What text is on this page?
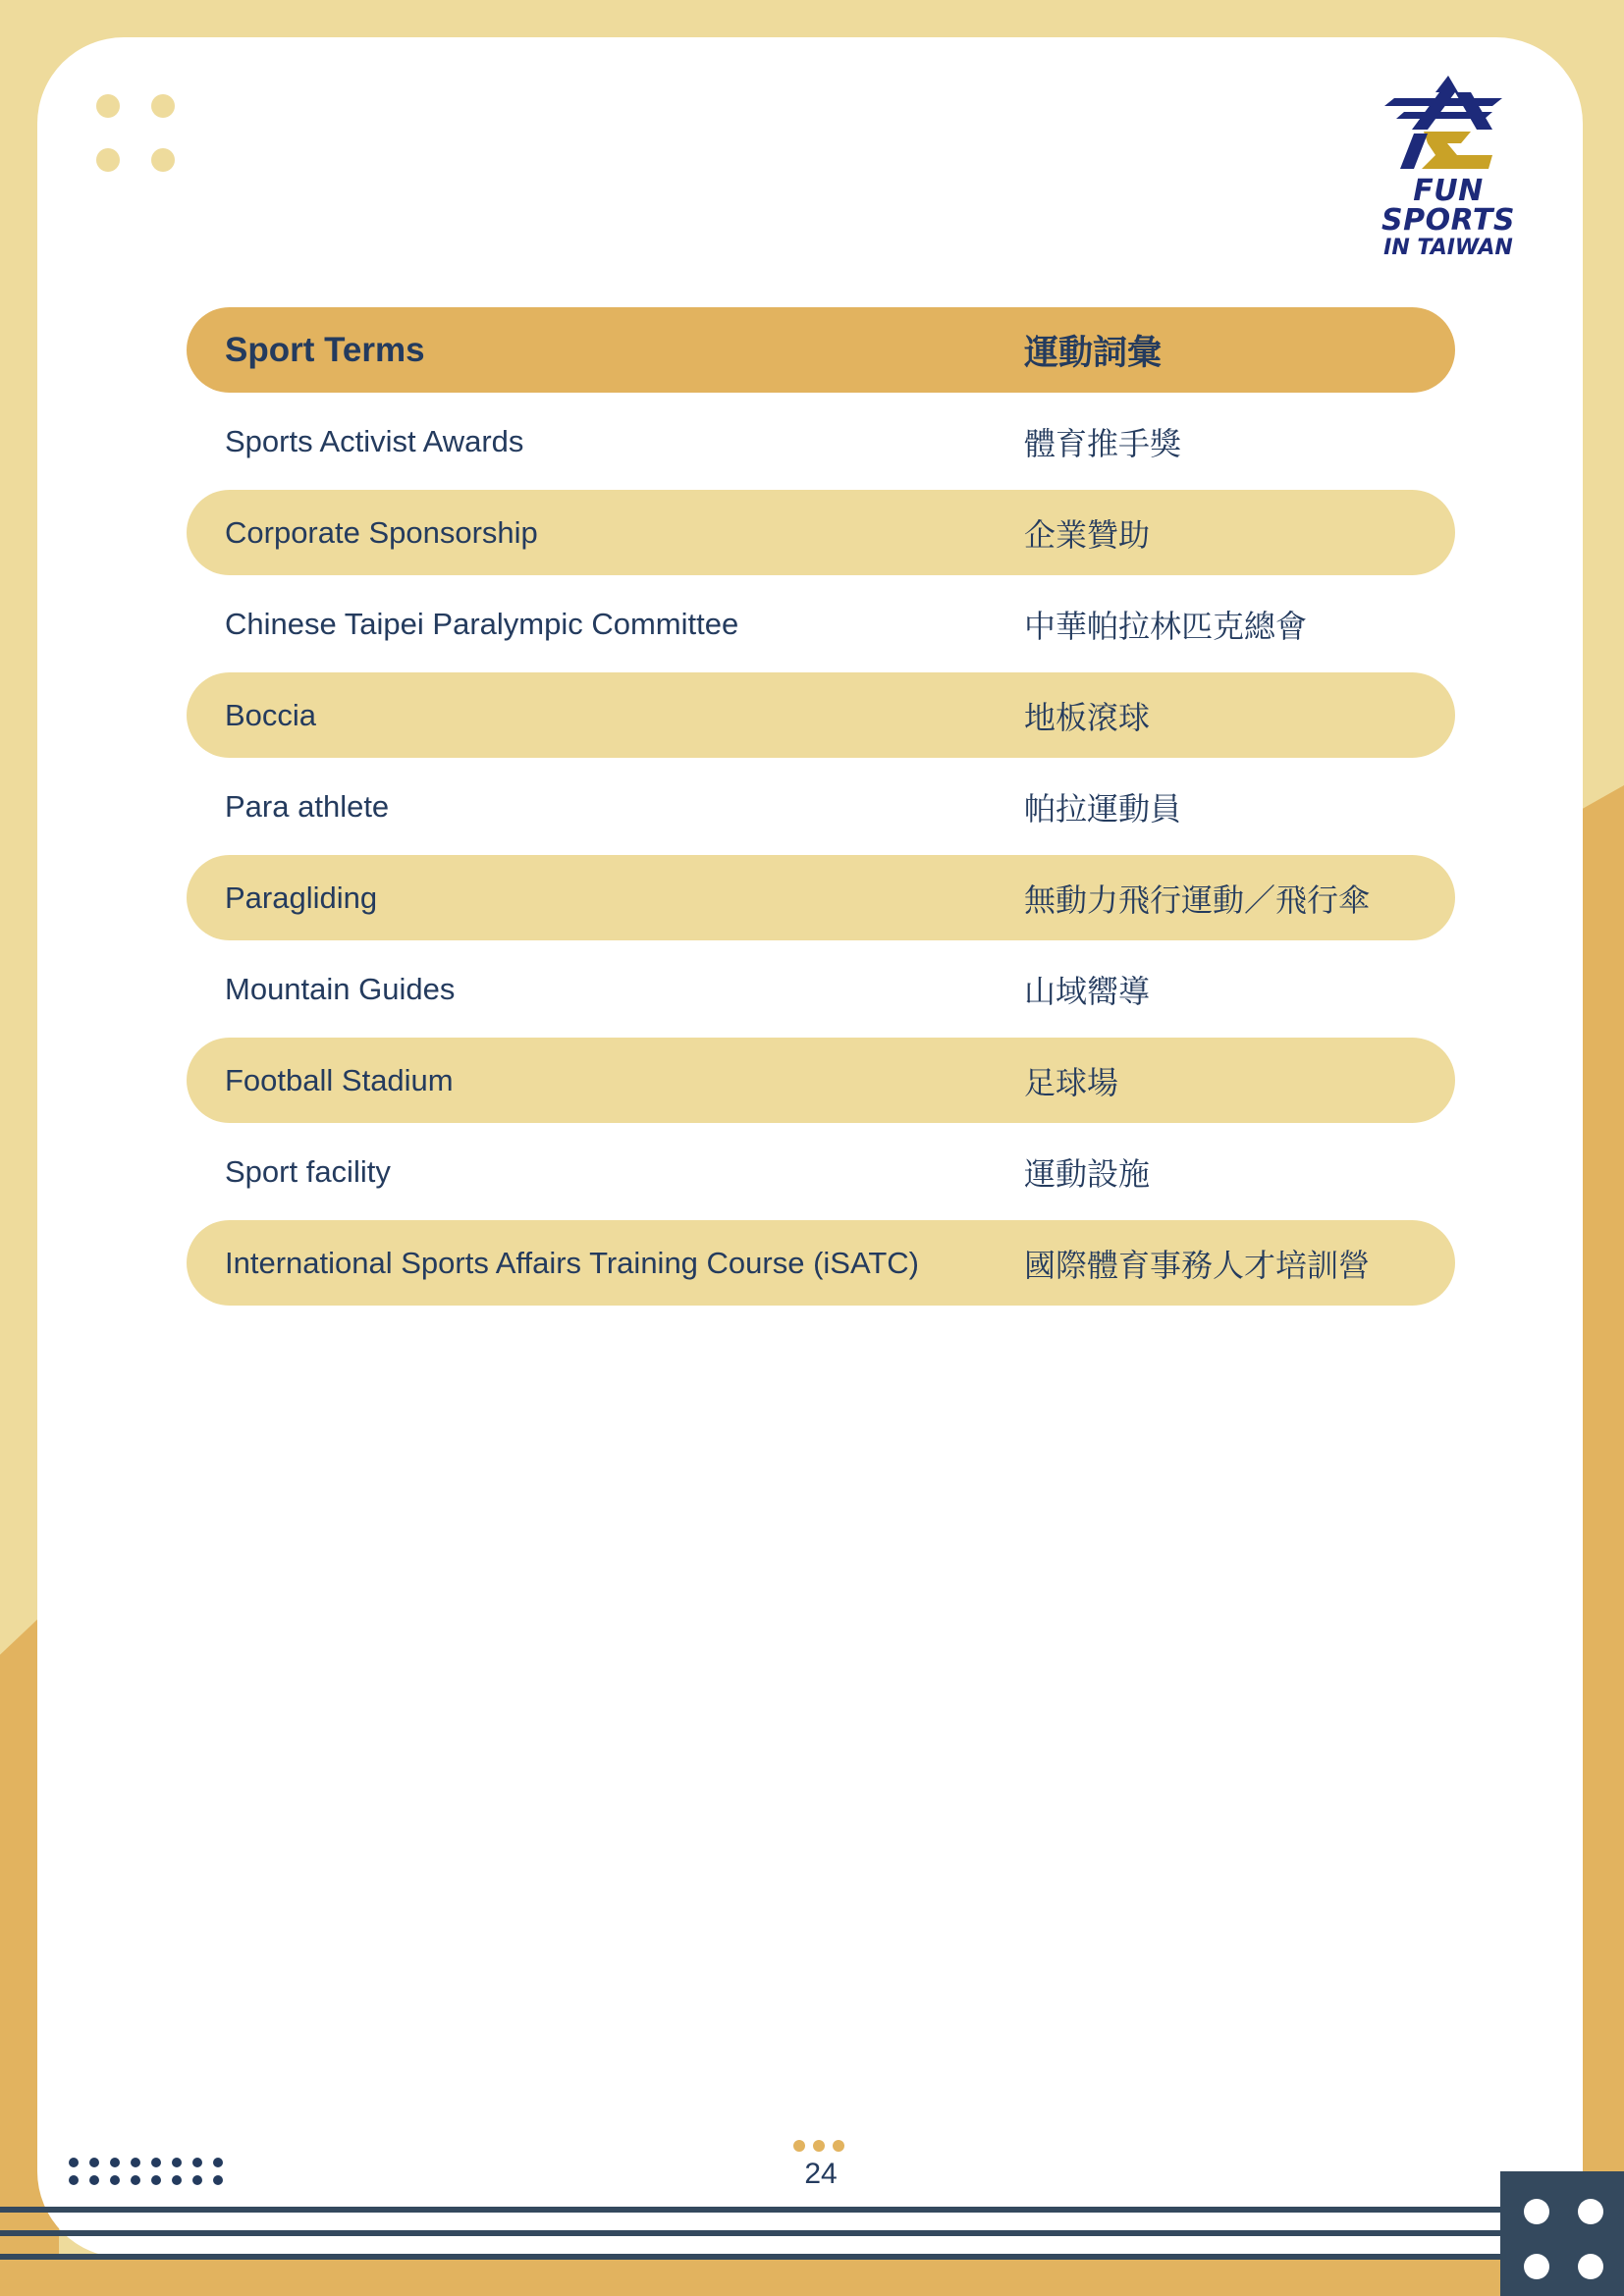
FUN SPORTS
IN TAIWAN
Sport Terms	運動詞彙
Sports Activist Awards	體育推手獎
Corporate Sponsorship	企業贊助
Chinese Taipei Paralympic Committee	中華帕拉林匹克總會
Boccia	地板滾球
Para athlete	帕拉運動員
Paragliding	無動力飛行運動／飛行傘
Mountain Guides	山域嚮導
Football Stadium	足球場
Sport facility	運動設施
International Sports Affairs Training Course (iSATC)	國際體育事務人才培訓營
24
